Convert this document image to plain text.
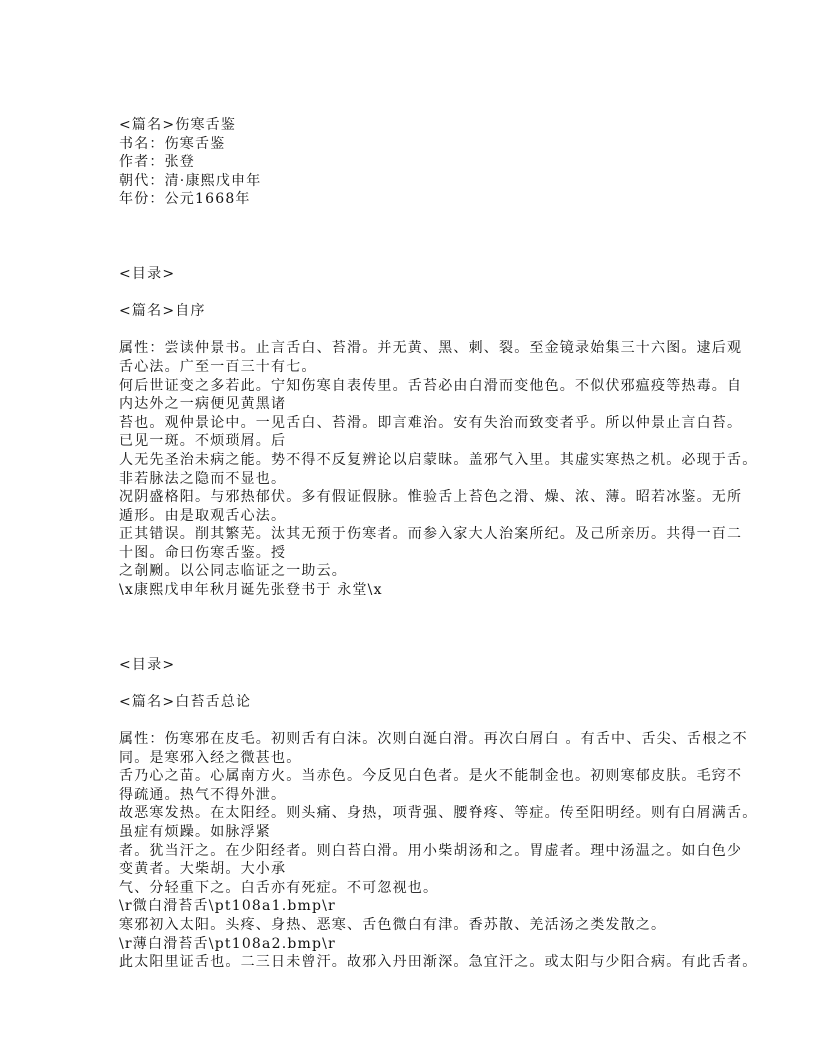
<篇名>伤寒舌鉴
书名：伤寒舌鉴
作者：张登
朝代：清·康熙戊申年
年份：公元1668年
<目录>
<篇名>自序
属性：尝读仲景书。止言舌白、苔滑。并无黄、黑、刺、裂。至金镜录始集三十六图。逮后观
舌心法。广至一百三十有七。
何后世证变之多若此。宁知伤寒自表传里。舌苔必由白滑而变他色。不似伏邪瘟疫等热毒。自
内达外之一病便见黄黑诸
苔也。观仲景论中。一见舌白、苔滑。即言难治。安有失治而致变者乎。所以仲景止言白苔。
已见一斑。不烦琐屑。后
人无先圣治未病之能。势不得不反复辨论以启蒙昧。盖邪气入里。其虚实寒热之机。必现于舌。
非若脉法之隐而不显也。
况阴盛格阳。与邪热郁伏。多有假证假脉。惟验舌上苔色之滑、燥、浓、薄。昭若冰鉴。无所
遁形。由是取观舌心法。
正其错误。削其繁芜。汰其无预于伤寒者。而参入家大人治案所纪。及己所亲历。共得一百二
十图。命曰伤寒舌鉴。授
之剞劂。以公同志临证之一助云。
\x康熙戊申年秋月诞先张登书于 永堂\x
<目录>
<篇名>白苔舌总论
属性：伤寒邪在皮毛。初则舌有白沫。次则白涎白滑。再次白屑白 。有舌中、舌尖、舌根之不
同。是寒邪入经之微甚也。
舌乃心之苗。心属南方火。当赤色。今反见白色者。是火不能制金也。初则寒郁皮肤。毛窍不
得疏通。热气不得外泄。
故恶寒发热。在太阳经。则头痛、身热，项背强、腰脊疼、等症。传至阳明经。则有白屑满舌。
虽症有烦躁。如脉浮紧
者。犹当汗之。在少阳经者。则白苔白滑。用小柴胡汤和之。胃虚者。理中汤温之。如白色少
变黄者。大柴胡。大小承
气、分轻重下之。白舌亦有死症。不可忽视也。
\r微白滑苔舌\pt108a1.bmp\r
寒邪初入太阳。头疼、身热、恶寒、舌色微白有津。香苏散、羌活汤之类发散之。
\r薄白滑苔舌\pt108a2.bmp\r
此太阳里证舌也。二三日未曾汗。故邪入丹田渐深。急宜汗之。或太阳与少阳合病。有此舌者。
